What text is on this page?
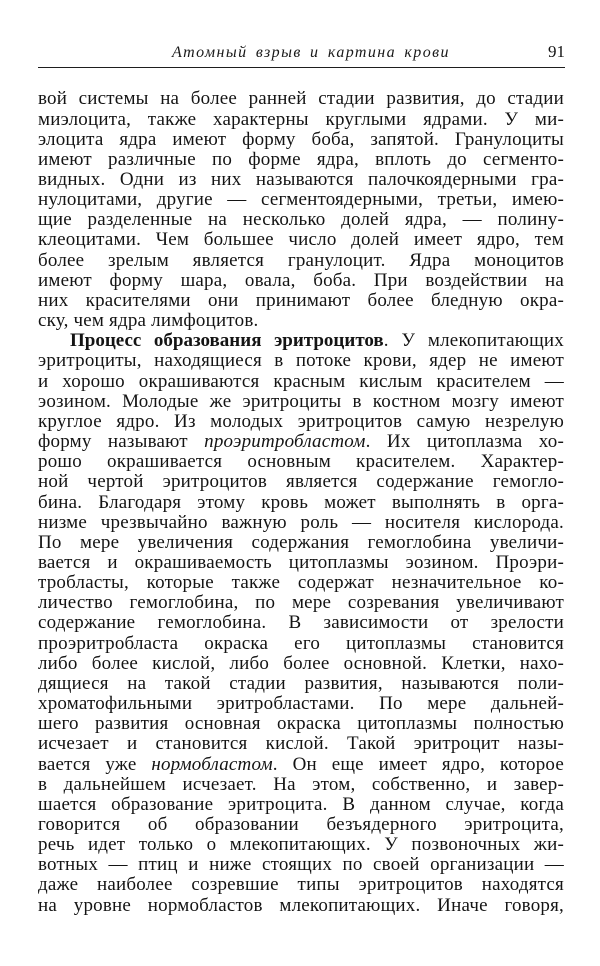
Атомный взрыв и картина крови	91
вой системы на более ранней стадии развития, до стадии
миэлоцита, также характерны круглыми ядрами. У ми-
элоцита ядра имеют форму боба, запятой. Гранулоциты
имеют различные по форме ядра, вплоть до сегменто-
видных. Одни из них называются палочкоядерными гра-
нулоцитами, другие — сегментоядерными, третьи, имею-
щие разделенные на несколько долей ядра, — полину-
клеоцитами. Чем большее число долей имеет ядро, тем
более зрелым является гранулоцит. Ядра моноцитов
имеют форму шара, овала, боба. При воздействии на
них красителями они принимают более бледную окра-
ску, чем ядра лимфоцитов.
Процесс образования эритроцитов. У млекопитающих
эритроциты, находящиеся в потоке крови, ядер не имеют
и хорошо окрашиваются красным кислым красителем —
эозином. Молодые же эритроциты в костном мозгу имеют
круглое ядро. Из молодых эритроцитов самую незрелую
форму называют проэритробластом. Их цитоплазма хо-
рошо окрашивается основным красителем. Характер-
ной чертой эритроцитов является содержание гемогло-
бина. Благодаря этому кровь может выполнять в орга-
низме чрезвычайно важную роль — носителя кислорода.
По мере увеличения содержания гемоглобина увеличи-
вается и окрашиваемость цитоплазмы эозином. Проэри-
тробласты, которые также содержат незначительное ко-
личество гемоглобина, по мере созревания увеличивают
содержание гемоглобина. В зависимости от зрелости
проэритробласта окраска его цитоплазмы становится
либо более кислой, либо более основной. Клетки, нахо-
дящиеся на такой стадии развития, называются поли-
хроматофильными эритробластами. По мере дальней-
шего развития основная окраска цитоплазмы полностью
исчезает и становится кислой. Такой эритроцит назы-
вается уже нормобластом. Он еще имеет ядро, которое
в дальнейшем исчезает. На этом, собственно, и завер-
шается образование эритроцита. В данном случае, когда
говорится об образовании безъядерного эритроцита,
речь идет только о млекопитающих. У позвоночных жи-
вотных — птиц и ниже стоящих по своей организации —
даже наиболее созревшие типы эритроцитов находятся
на уровне нормобластов млекопитающих. Иначе говоря,
